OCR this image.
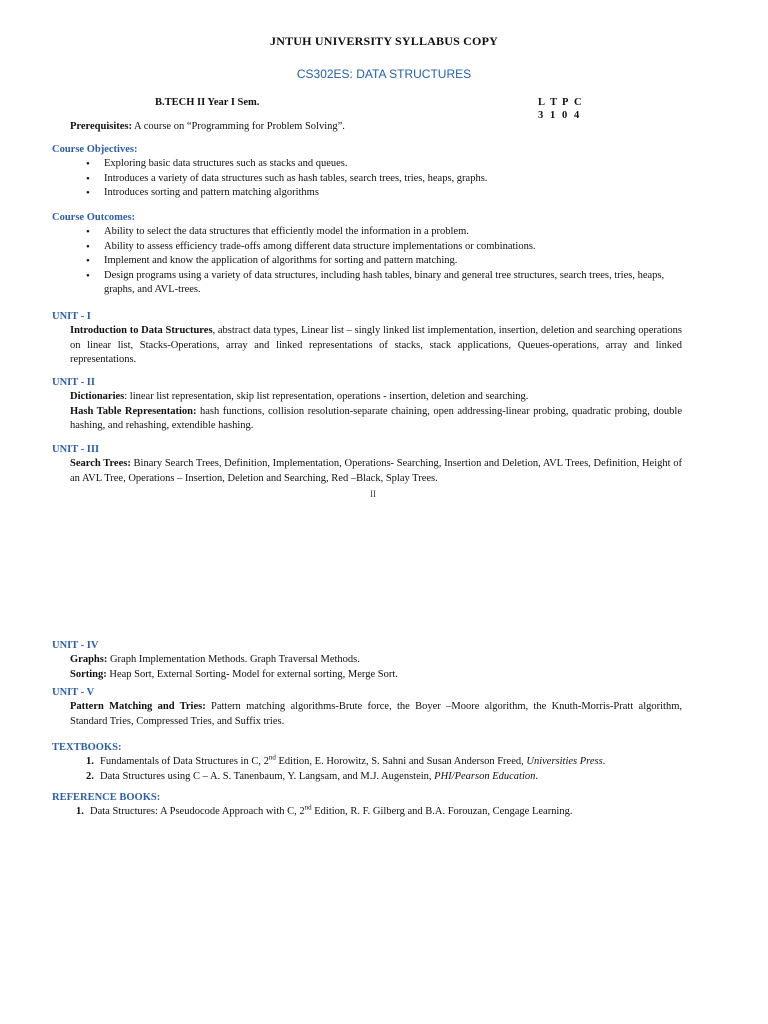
JNTUH UNIVERSITY SYLLABUS COPY
CS302ES: DATA STRUCTURES
B.TECH II Year I Sem.	L T P C
3 1 0 4
Prerequisites: A course on “Programming for Problem Solving”.
Course Objectives:
• Exploring basic data structures such as stacks and queues.
• Introduces a variety of data structures such as hash tables, search trees, tries, heaps, graphs.
• Introduces sorting and pattern matching algorithms
Course Outcomes:
• Ability to select the data structures that efficiently model the information in a problem.
• Ability to assess efficiency trade-offs among different data structure implementations or combinations.
• Implement and know the application of algorithms for sorting and pattern matching.
• Design programs using a variety of data structures, including hash tables, binary and general tree structures, search trees, tries, heaps, graphs, and AVL-trees.
UNIT - I
Introduction to Data Structures, abstract data types, Linear list – singly linked list implementation, insertion, deletion and searching operations on linear list, Stacks-Operations, array and linked representations of stacks, stack applications, Queues-operations, array and linked representations.
UNIT - II
Dictionaries: linear list representation, skip list representation, operations - insertion, deletion and searching.
Hash Table Representation: hash functions, collision resolution-separate chaining, open addressing-linear probing, quadratic probing, double hashing, and rehashing, extendible hashing.
UNIT - III
Search Trees: Binary Search Trees, Definition, Implementation, Operations- Searching, Insertion and Deletion, AVL Trees, Definition, Height of an AVL Tree, Operations – Insertion, Deletion and Searching, Red –Black, Splay Trees.
II
UNIT - IV
Graphs: Graph Implementation Methods. Graph Traversal Methods.
Sorting: Heap Sort, External Sorting- Model for external sorting, Merge Sort.
UNIT - V
Pattern Matching and Tries: Pattern matching algorithms-Brute force, the Boyer –Moore algorithm, the Knuth-Morris-Pratt algorithm, Standard Tries, Compressed Tries, and Suffix tries.
TEXTBOOKS:
1. Fundamentals of Data Structures in C, 2nd Edition, E. Horowitz, S. Sahni and Susan Anderson Freed, Universities Press.
2. Data Structures using C – A. S. Tanenbaum, Y. Langsam, and M.J. Augenstein, PHI/Pearson Education.
REFERENCE BOOKS:
1. Data Structures: A Pseudocode Approach with C, 2nd Edition, R. F. Gilberg and B.A. Forouzan, Cengage Learning.
